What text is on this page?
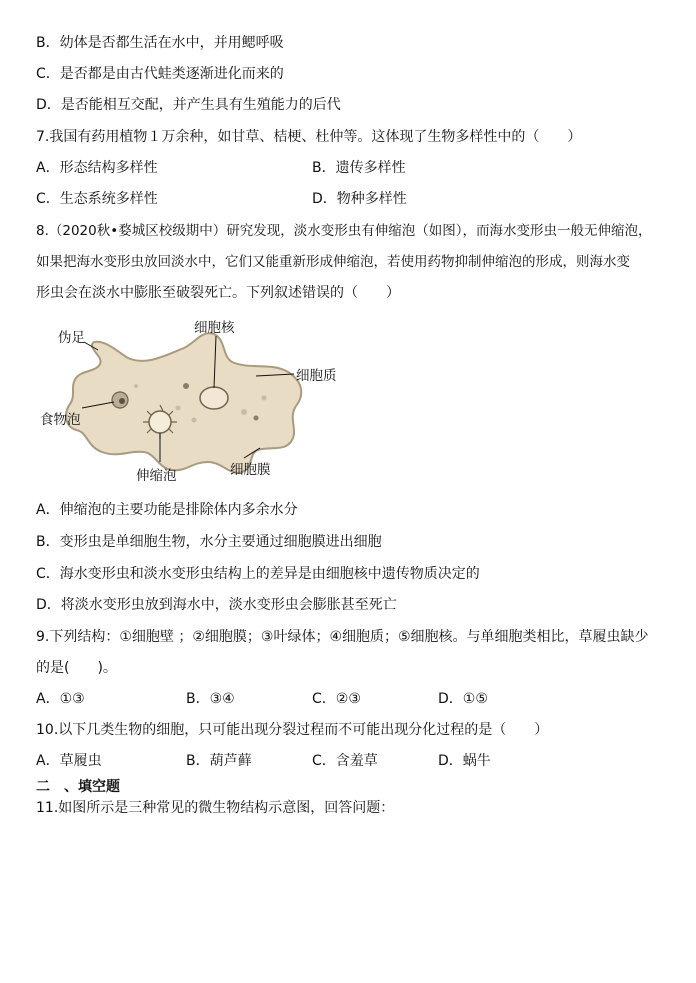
B．幼体是否都生活在水中，并用鳃呼吸
C．是否都是由古代蛙类逐渐进化而来的
D．是否能相互交配，并产生具有生殖能力的后代
7.我国有药用植物１万余种，如甘草、桔梗、杜仲等。这体现了生物多样性中的（　　）
A．形态结构多样性	B．遗传多样性
C．生态系统多样性	D．物种多样性
8.（2020秋•婺城区校级期中）研究发现，淡水变形虫有伸缩泡（如图），而海水变形虫一般无伸缩泡，
如果把海水变形虫放回淡水中，它们又能重新形成伸缩泡，若使用药物抑制伸缩泡的形成，则海水变
形虫会在淡水中膨胀至破裂死亡。下列叙述错误的（　　）
伪足
细胞核
细胞质
食物泡
伸缩泡	细胞膜
A．伸缩泡的主要功能是排除体内多余水分
B．变形虫是单细胞生物，水分主要通过细胞膜进出细胞
C．海水变形虫和淡水变形虫结构上的差异是由细胞核中遗传物质决定的
D．将淡水变形虫放到海水中，淡水变形虫会膨胀甚至死亡
9.下列结构：①细胞壁 ；②细胞膜；③叶绿体；④细胞质；⑤细胞核。与单细胞类相比，草履虫缺少
的是(　　)。
A．①③	B．③④	C．②③	D．①⑤
10.以下几类生物的细胞，只可能出现分裂过程而不可能出现分化过程的是（　　）
A．草履虫	B．葫芦藓	C．含羞草	D．蜗牛
二　、填空题
11.如图所示是三种常见的微生物结构示意图，回答问题：
